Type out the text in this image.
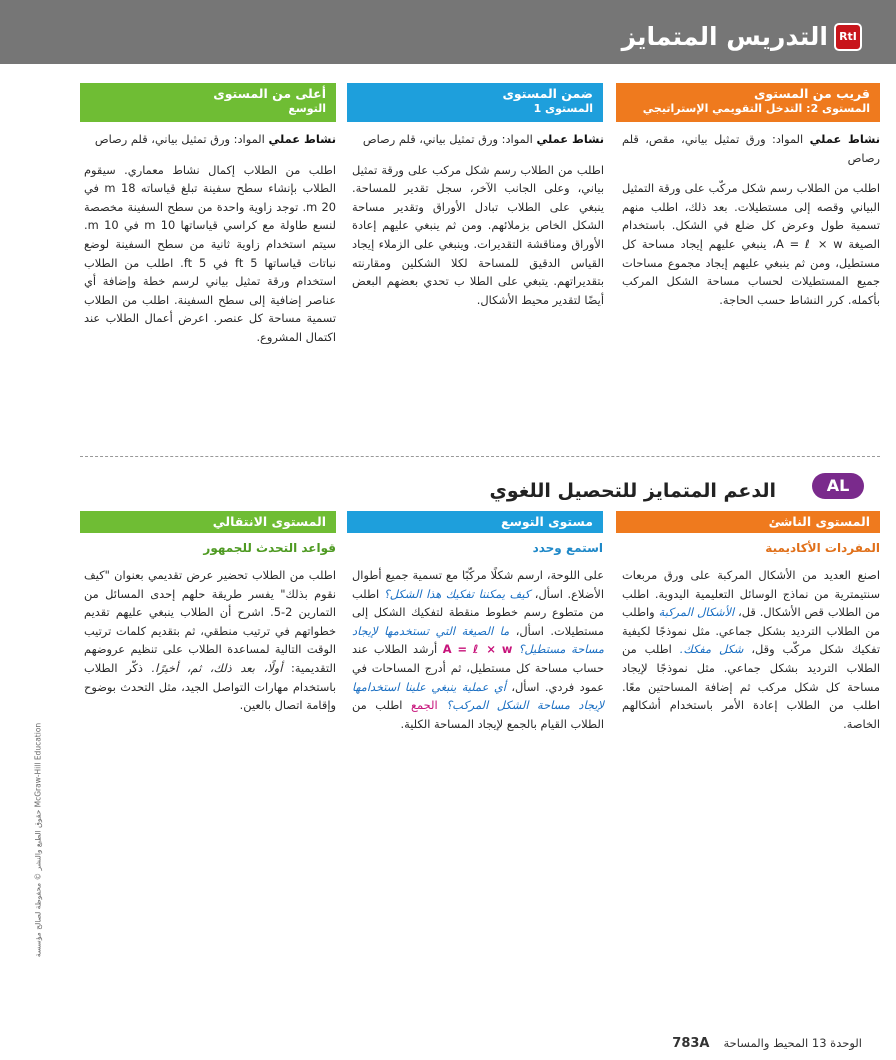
RtI
التدريس المتمايز
قريب من المستوى
المستوى 2: التدخل التقويمي الإستراتيجي
ضمن المستوى
المستوى 1
أعلى من المستوى
التوسع

نشاط عملي المواد: ورق تمثيل بياني، مقص، قلم رصاص

اطلب من الطلاب رسم شكل مركّب على ورقة التمثيل البياني وقصه إلى مستطيلات. بعد ذلك، اطلب منهم تسمية طول وعرض كل ضلع في الشكل. باستخدام الصيغة A = ℓ × w، ينبغي عليهم إيجاد مساحة كل مستطيل، ومن ثم ينبغي عليهم إيجاد مجموع مساحات جميع المستطيلات لحساب مساحة الشكل المركب بأكمله. كرر النشاط حسب الحاجة.

نشاط عملي المواد: ورق تمثيل بياني، قلم رصاص

اطلب من الطلاب رسم شكل مركب على ورقة تمثيل بياني، وعلى الجانب الآخر، سجل تقدير للمساحة. ينبغي على الطلاب تبادل الأوراق وتقدير مساحة الشكل الخاص بزملائهم. ومن ثم ينبغي عليهم إعادة الأوراق ومناقشة التقديرات. وينبغي على الزملاء إيجاد القياس الدقيق للمساحة لكلا الشكلين ومقارنته بتقديراتهم. يتبغي على الطلا ب تحدي بعضهم البعض أيضًا لتقدير محيط الأشكال.

نشاط عملي المواد: ورق تمثيل بياني، قلم رصاص

اطلب من الطلاب إكمال نشاط معماري. سيقوم الطلاب بإنشاء سطح سفينة تبلغ قياساته 18 m في 20 m. توجد زاوية واحدة من سطح السفينة مخصصة لنسع طاولة مع كراسي قياساتها 10 m في 10 m. سيتم استخدام زاوية ثانية من سطح السفينة لوضع نباتات قياساتها 5 ft في 5 ft. اطلب من الطلاب استخدام ورقة تمثيل بياني لرسم خطة وإضافة أي عناصر إضافية إلى سطح السفينة. اطلب من الطلاب تسمية مساحة كل عنصر. اعرض أعمال الطلاب عند اكتمال المشروع.

AL
الدعم المتمايز للتحصيل اللغوي
المستوى الناشئ
مستوى التوسع
المستوى الانتقالي
المفردات الأكاديمية
استمع وحدد
قواعد التحدث للجمهور

اصنع العديد من الأشكال المركبة على ورق مربعات سنتيمترية من نماذج الوسائل التعليمية اليدوية. اطلب من الطلاب قص الأشكال. قل، الأشكال المركبة واطلب من الطلاب الترديد بشكل جماعي. مثل نموذجًا لكيفية تفكيك شكل مركّب وقل، شكل مفكك. اطلب من الطلاب الترديد بشكل جماعي. مثل نموذجًا لإيجاد مساحة كل شكل مركب ثم إضافة المساحتين معًا. اطلب من الطلاب إعادة الأمر باستخدام أشكالهم الخاصة.

على اللوحة، ارسم شكلًا مركّبًا مع تسمية جميع أطوال الأضلاع. اسأل، كيف يمكننا تفكيك هذا الشكل؟ اطلب من متطوع رسم خطوط منقطة لتفكيك الشكل إلى مستطيلات. اسأل، ما الصيغة التي تستخدمها لإيجاد مساحة مستطيل؟ A = ℓ × w أرشد الطلاب عند حساب مساحة كل مستطيل، ثم أدرج المساحات في عمود فردي. اسأل، أي عملية ينبغي علينا استخدامها لإيجاد مساحة الشكل المركب؟ الجمع اطلب من الطلاب القيام بالجمع لإيجاد المساحة الكلية.

اطلب من الطلاب تحضير عرض تقديمي بعنوان "كيف نقوم بذلك" يفسر طريقة حلهم إحدى المسائل من التمارين 2-5. اشرح أن الطلاب ينبغي عليهم تقديم خطواتهم في ترتيب منطقي، ثم بتقديم كلمات ترتيب الوقت التالية لمساعدة الطلاب على تنظيم عروضهم التقديمية: أولًا، بعد ذلك، ثم، أخيرًا. ذكّر الطلاب باستخدام مهارات التواصل الجيد، مثل التحدث بوضوح وإقامة اتصال بالعين.

حقوق الطبع والنشر © محفوظة لصالح مؤسسة McGraw-Hill Education
الوحدة 13 المحيط والمساحة783A
